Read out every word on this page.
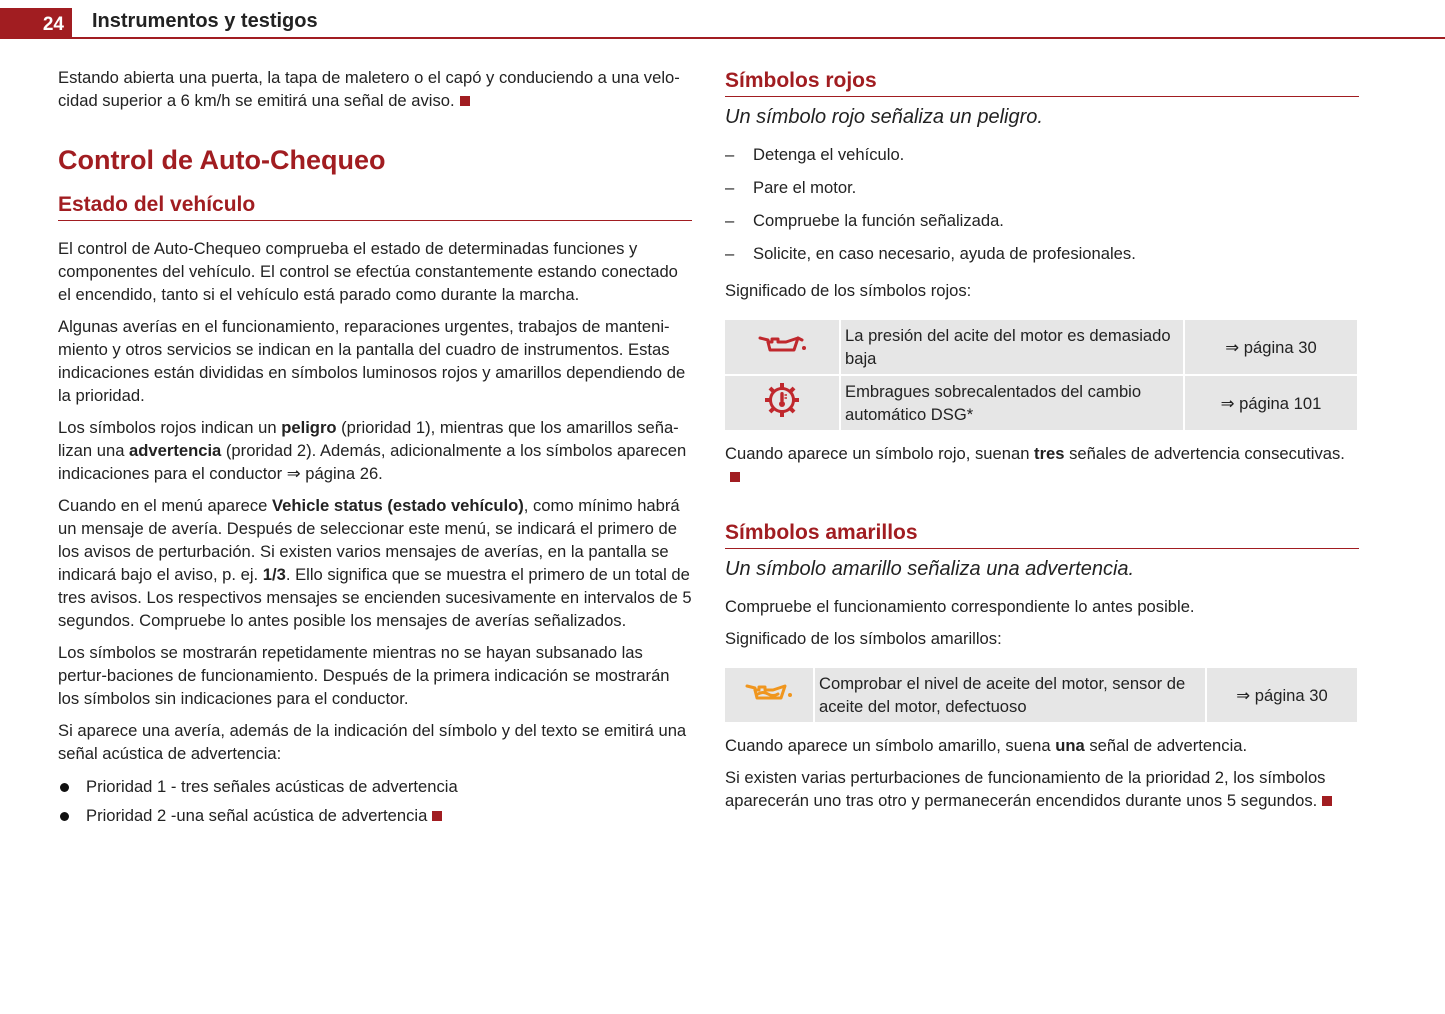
24	Instrumentos y testigos

Estando abierta una puerta, la tapa de maletero o el capó y conduciendo a una velo-cidad superior a 6 km/h se emitirá una señal de aviso.

Control de Auto-Chequeo
Estado del vehículo

El control de Auto-Chequeo comprueba el estado de determinadas funciones y componentes del vehículo. El control se efectúa constantemente estando conectado el encendido, tanto si el vehículo está parado como durante la marcha.

Algunas averías en el funcionamiento, reparaciones urgentes, trabajos de manteni-miento y otros servicios se indican en la pantalla del cuadro de instrumentos. Estas indicaciones están divididas en símbolos luminosos rojos y amarillos dependiendo de la prioridad.

Los símbolos rojos indican un peligro (prioridad 1), mientras que los amarillos seña-lizan una advertencia (proridad 2). Además, adicionalmente a los símbolos aparecen indicaciones para el conductor ⇒ página 26.

Cuando en el menú aparece Vehicle status (estado vehículo), como mínimo habrá un mensaje de avería. Después de seleccionar este menú, se indicará el primero de los avisos de perturbación. Si existen varios mensajes de averías, en la pantalla se indicará bajo el aviso, p. ej. 1/3. Ello significa que se muestra el primero de un total de tres avisos. Los respectivos mensajes se encienden sucesivamente en intervalos de 5 segundos. Compruebe lo antes posible los mensajes de averías señalizados.

Los símbolos se mostrarán repetidamente mientras no se hayan subsanado las pertur-baciones de funcionamiento. Después de la primera indicación se mostrarán los símbolos sin indicaciones para el conductor.

Si aparece una avería, además de la indicación del símbolo y del texto se emitirá una señal acústica de advertencia:

Prioridad 1 - tres señales acústicas de advertencia
Prioridad 2 -una señal acústica de advertencia
Símbolos rojos
Un símbolo rojo señaliza un peligro.
– Detenga el vehículo.
– Pare el motor.
– Compruebe la función señalizada.
– Solicite, en caso necesario, ayuda de profesionales.

Significado de los símbolos rojos:

	La presión del acite del motor es demasiado baja	⇒ página 30
	Embragues sobrecalentados del cambio automático DSG*	⇒ página 101

Cuando aparece un símbolo rojo, suenan tres señales de advertencia consecutivas.

Símbolos amarillos
Un símbolo amarillo señaliza una advertencia.

Compruebe el funcionamiento correspondiente lo antes posible.

Significado de los símbolos amarillos:

	Comprobar el nivel de aceite del motor, sensor de aceite del motor, defectuoso	⇒ página 30

Cuando aparece un símbolo amarillo, suena una señal de advertencia.

Si existen varias perturbaciones de funcionamiento de la prioridad 2, los símbolos aparecerán uno tras otro y permanecerán encendidos durante unos 5 segundos.
